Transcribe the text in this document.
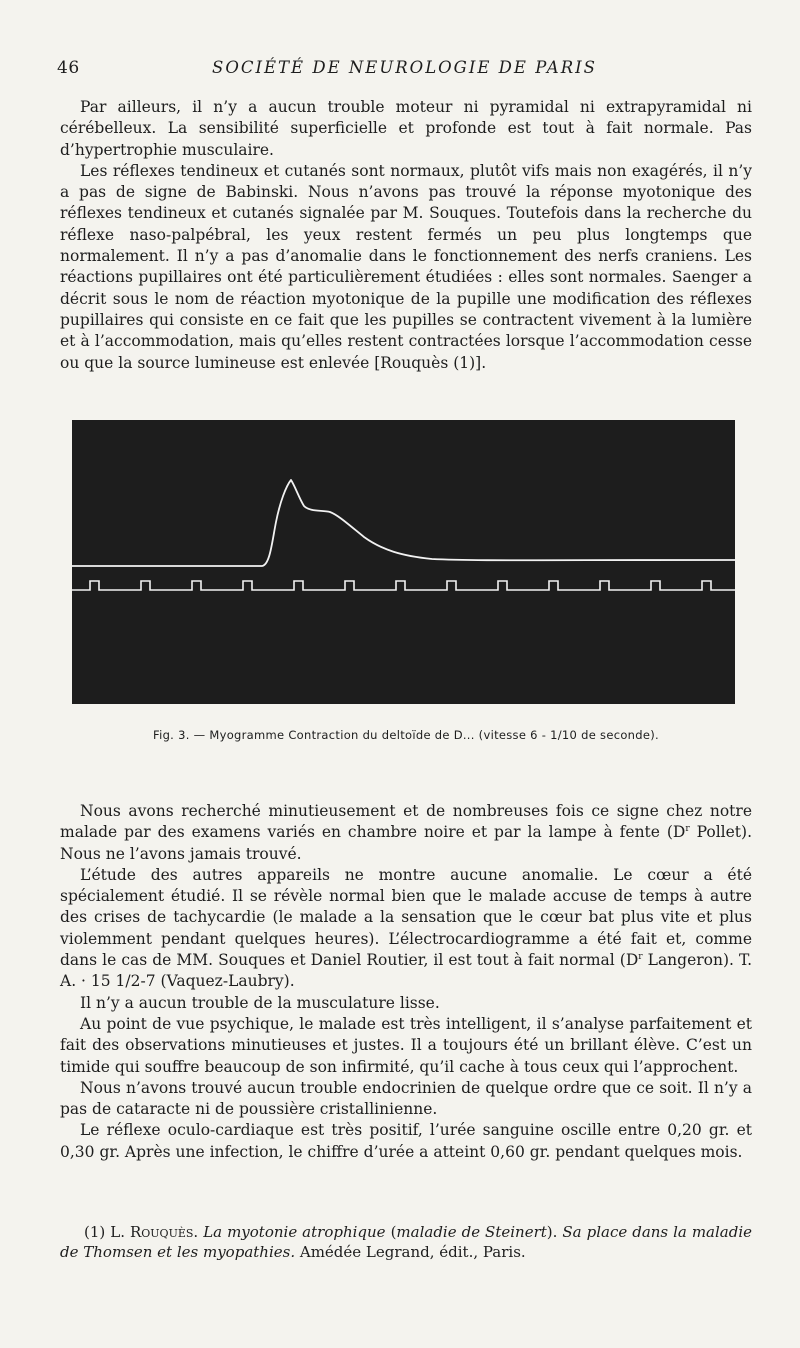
46	SOCIÉTÉ DE NEUROLOGIE DE PARIS

Par ailleurs, il n’y a aucun trouble moteur ni pyramidal ni extrapyramidal ni cérébelleux. La sensibilité superficielle et profonde est tout à fait normale. Pas d’hypertrophie musculaire.

Les réflexes tendineux et cutanés sont normaux, plutôt vifs mais non exagérés, il n’y a pas de signe de Babinski. Nous n’avons pas trouvé la réponse myotonique des réflexes tendineux et cutanés signalée par M. Souques. Toutefois dans la recherche du réflexe naso-palpébral, les yeux restent fermés un peu plus longtemps que normalement. Il n’y a pas d’anomalie dans le fonctionnement des nerfs craniens. Les réactions pupillaires ont été particulièrement étudiées : elles sont normales. Saenger a décrit sous le nom de réaction myotonique de la pupille une modification des réflexes pupillaires qui consiste en ce fait que les pupilles se contractent vivement à la lumière et à l’accommodation, mais qu’elles restent contractées lorsque l’accommodation cesse ou que la source lumineuse est enlevée [Rouquès (1)].

Fig. 3. — Myogramme Contraction du deltoïde de D... (vitesse 6 - 1/10 de seconde).

Nous avons recherché minutieusement et de nombreuses fois ce signe chez notre malade par des examens variés en chambre noire et par la lampe à fente ($D^r$ Pollet). Nous ne l’avons jamais trouvé.

L’étude des autres appareils ne montre aucune anomalie. Le cœur a été spécialement étudié. Il se révèle normal bien que le malade accuse de temps à autre des crises de tachycardie (le malade a la sensation que le cœur bat plus vite et plus violemment pendant quelques heures). L’électrocardiogramme a été fait et, comme dans le cas de MM. Souques et Daniel Routier, il est tout à fait normal ($D^r$ Langeron). T. A. · 15 1/2-7 (Vaquez-Laubry).

Il n’y a aucun trouble de la musculature lisse.

Au point de vue psychique, le malade est très intelligent, il s’analyse parfaitement et fait des observations minutieuses et justes. Il a toujours été un brillant élève. C’est un timide qui souffre beaucoup de son infirmité, qu’il cache à tous ceux qui l’approchent.

Nous n’avons trouvé aucun trouble endocrinien de quelque ordre que ce soit. Il n’y a pas de cataracte ni de poussière cristallinienne.

Le réflexe oculo-cardiaque est très positif, l’urée sanguine oscille entre 0,20 gr. et 0,30 gr. Après une infection, le chiffre d’urée a atteint 0,60 gr. pendant quelques mois.

(1) L. Rouquès. La myotonie atrophique (maladie de Steinert). Sa place dans la maladie de Thomsen et les myopathies. Amédée Legrand, édit., Paris.
